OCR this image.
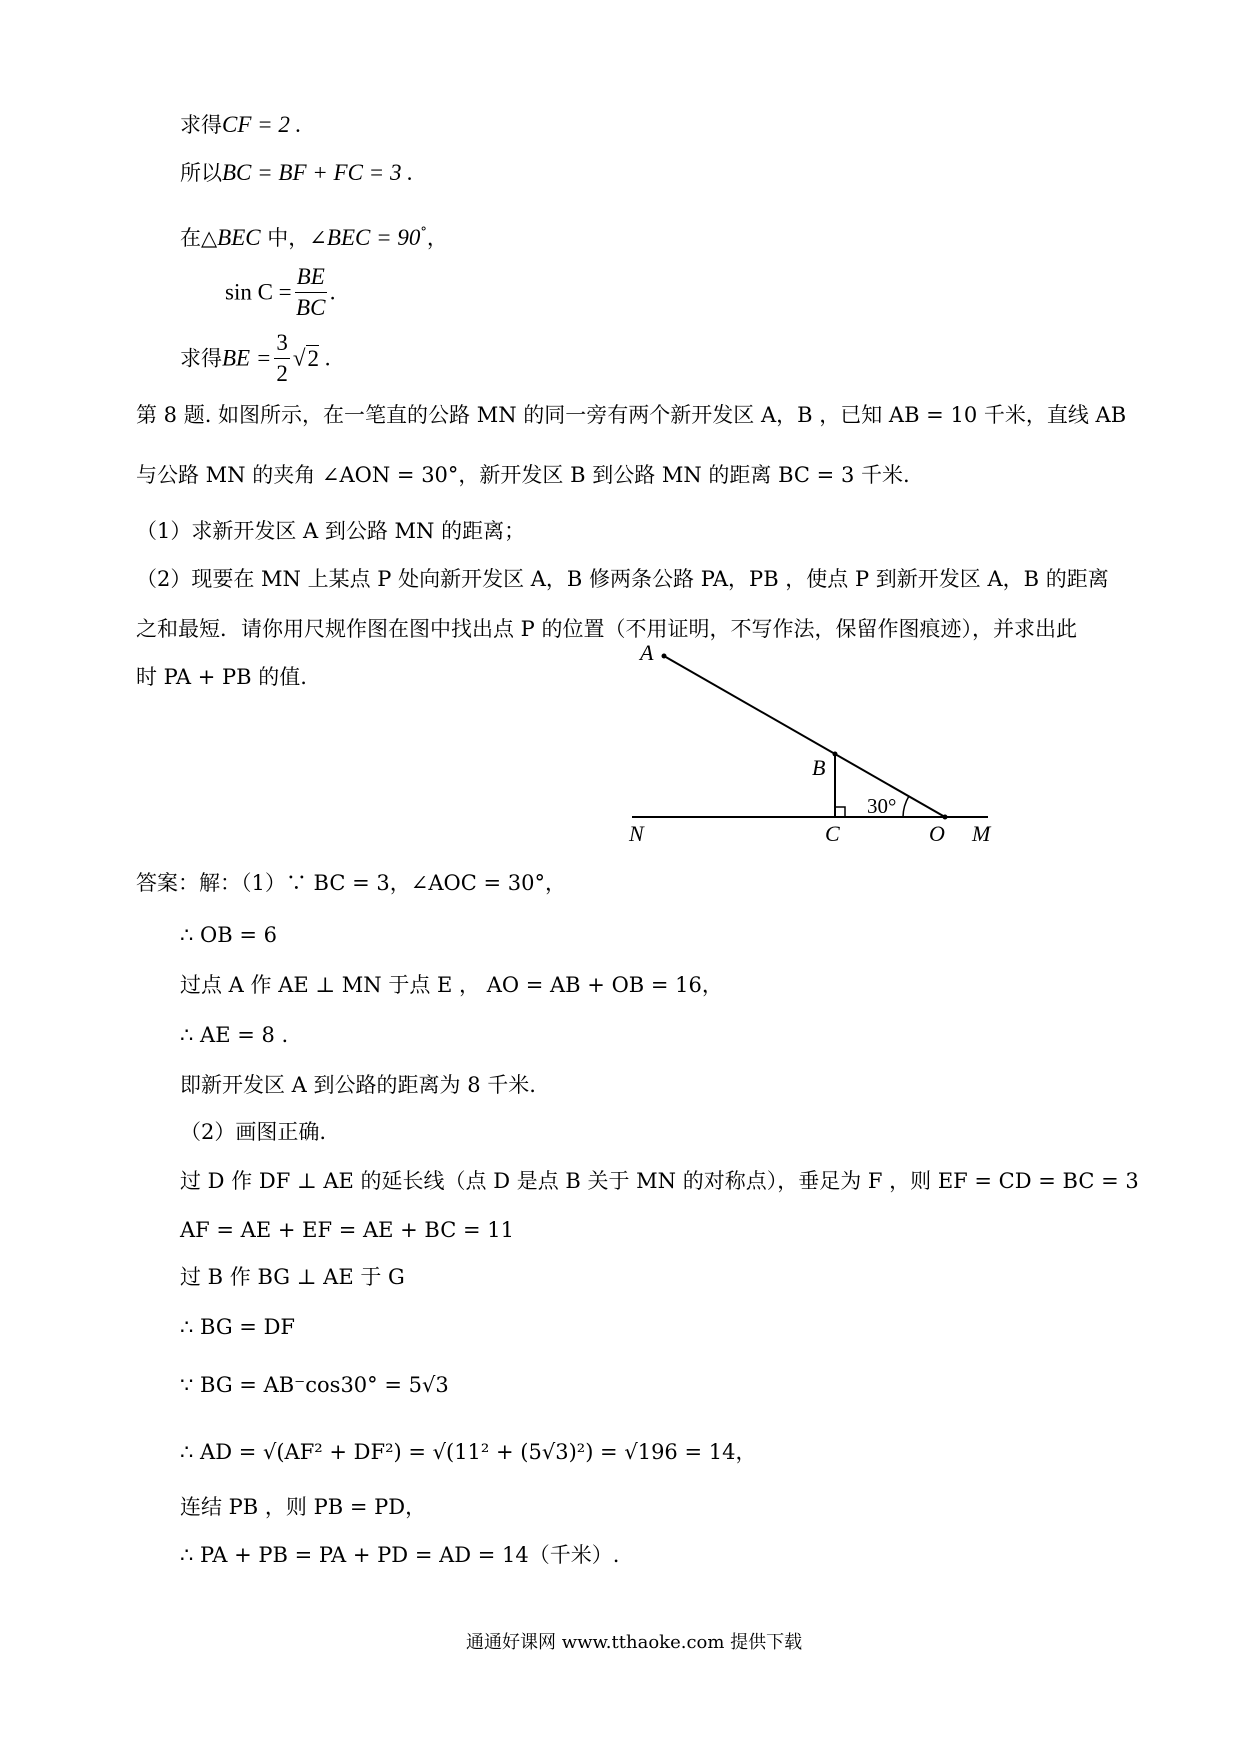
求得CF = 2 .
所以BC = BF + FC = 3 .
在△BEC 中，∠BEC = 90°，
$\sin C = \frac{BE}{BC}$ .
求得BE = $\frac{3}{2} √2$ .
第 8 题. 如图所示，在一笔直的公路 MN 的同一旁有两个新开发区 A，B ，已知 AB = 10 千米，直线 AB
与公路 MN 的夹角 ∠AON = 30°，新开发区 B 到公路 MN 的距离 BC = 3 千米.
（1）求新开发区 A 到公路 MN 的距离；
（2）现要在 MN 上某点 P 处向新开发区 A，B 修两条公路 PA，PB ，使点 P 到新开发区 A，B 的距离
之和最短．请你用尺规作图在图中找出点 P 的位置（不用证明，不写作法，保留作图痕迹），并求出此
时 PA + PB 的值.
A
B
C	O M
N
30°
答案：解：（1）∵ BC = 3，∠AOC = 30°，
∴ OB = 6
过点 A 作 AE ⊥ MN 于点 E ， AO = AB + OB = 16，
∴ AE = 8 .
即新开发区 A 到公路的距离为 8 千米.
（2）画图正确.
过 D 作 DF ⊥ AE 的延长线（点 D 是点 B 关于 MN 的对称点），垂足为 F ，则 EF = CD = BC = 3
AF = AE + EF = AE + BC = 11
过 B 作 BG ⊥ AE 于 G
∴ BG = DF
∵ BG = AB⁻cos30° = 5√3
∴ AD = √(AF² + DF²) = √(11² + (5√3)²) = √196 = 14，
连结 PB ，则 PB = PD，
∴ PA + PB = PA + PD = AD = 14（千米）.
通通好课网 www.tthaoke.com 提供下载
